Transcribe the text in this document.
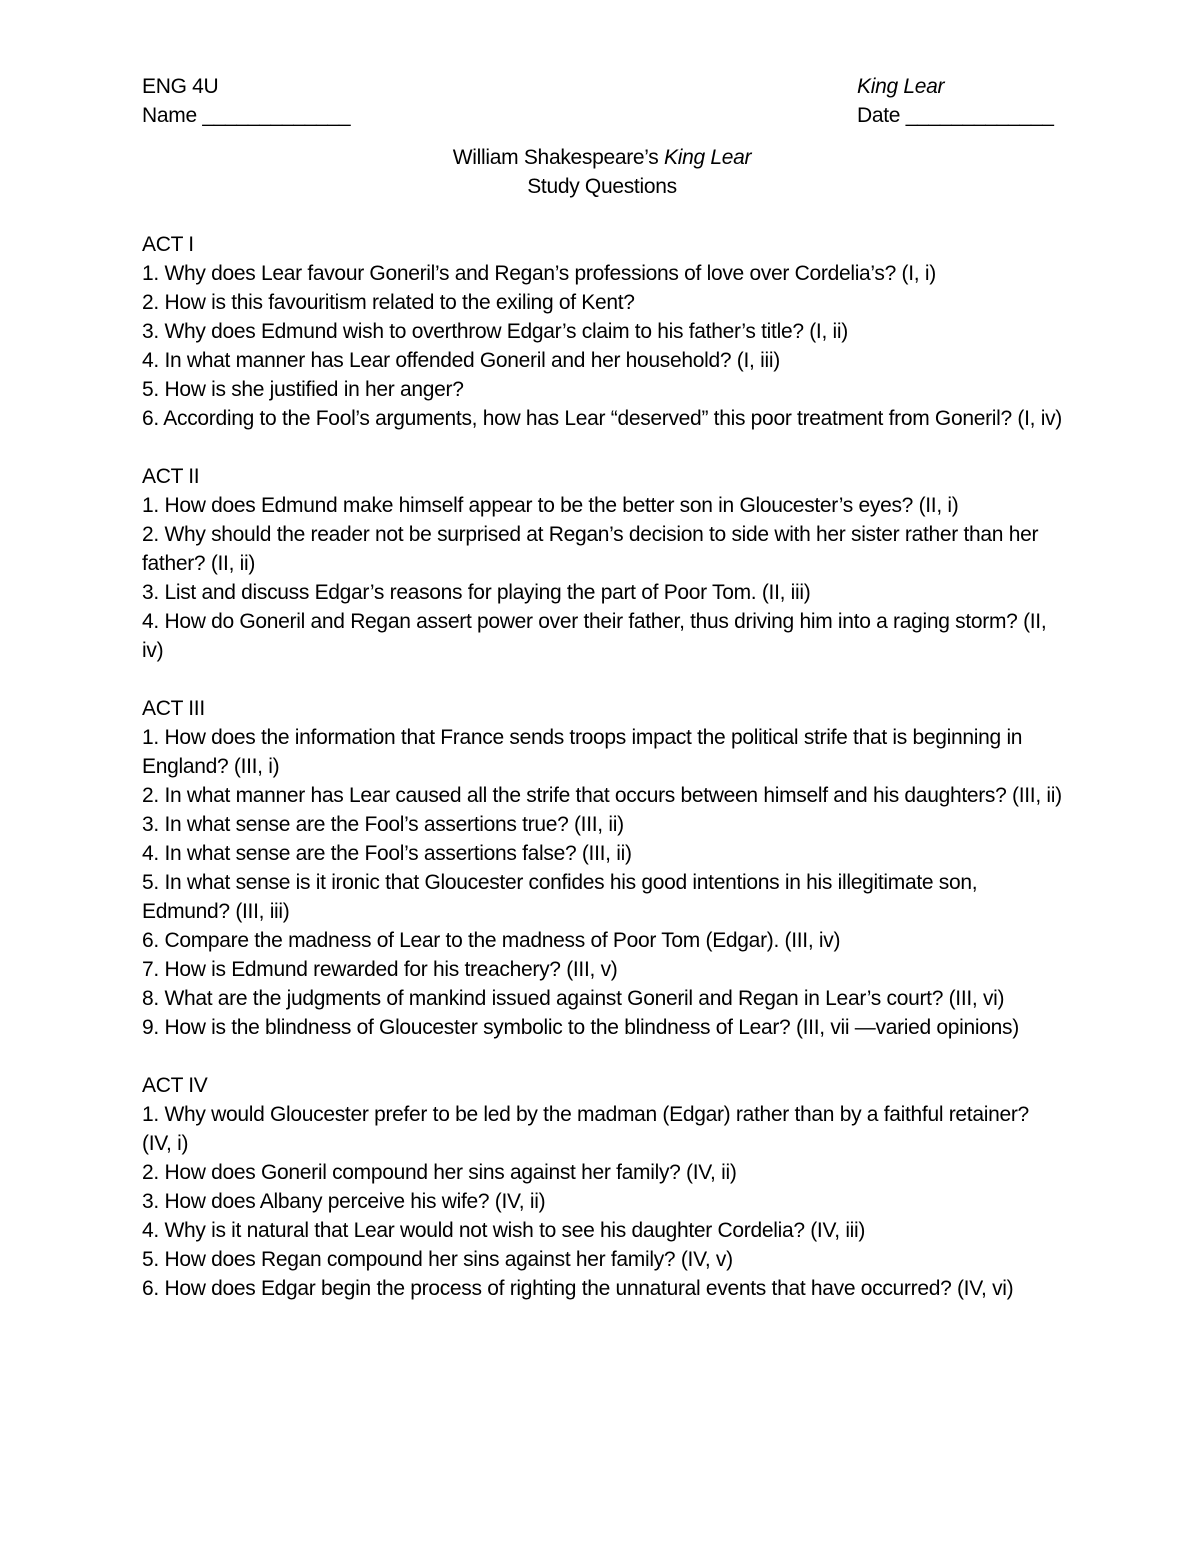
ENG 4U	King Lear
Name _____________	Date _____________
William Shakespeare’s King Lear
Study Questions
ACT I

1. Why does Lear favour Goneril’s and Regan’s professions of love over Cordelia’s? (I, i)

2. How is this favouritism related to the exiling of Kent?

3. Why does Edmund wish to overthrow Edgar’s claim to his father’s title? (I, ii)

4. In what manner has Lear offended Goneril and her household? (I, iii)

5. How is she justified in her anger?

6. According to the Fool’s arguments, how has Lear “deserved” this poor treatment from Goneril? (I, iv)

ACT II

1. How does Edmund make himself appear to be the better son in Gloucester’s eyes? (II, i)

2. Why should the reader not be surprised at Regan’s decision to side with her sister rather than her father? (II, ii)

3. List and discuss Edgar’s reasons for playing the part of Poor Tom. (II, iii)

4. How do Goneril and Regan assert power over their father, thus driving him into a raging storm? (II, iv)

ACT III

1. How does the information that France sends troops impact the political strife that is beginning in England? (III, i)

2. In what manner has Lear caused all the strife that occurs between himself and his daughters? (III, ii)

3. In what sense are the Fool’s assertions true? (III, ii)

4. In what sense are the Fool’s assertions false? (III, ii)

5. In what sense is it ironic that Gloucester confides his good intentions in his illegitimate son, Edmund? (III, iii)

6. Compare the madness of Lear to the madness of Poor Tom (Edgar). (III, iv)

7. How is Edmund rewarded for his treachery? (III, v)

8. What are the judgments of mankind issued against Goneril and Regan in Lear’s court? (III, vi)

9. How is the blindness of Gloucester symbolic to the blindness of Lear? (III, vii —varied opinions)

ACT IV

1. Why would Gloucester prefer to be led by the madman (Edgar) rather than by a faithful retainer? (IV, i)

2. How does Goneril compound her sins against her family? (IV, ii)

3. How does Albany perceive his wife? (IV, ii)

4. Why is it natural that Lear would not wish to see his daughter Cordelia? (IV, iii)

5. How does Regan compound her sins against her family? (IV, v)

6. How does Edgar begin the process of righting the unnatural events that have occurred? (IV, vi)
